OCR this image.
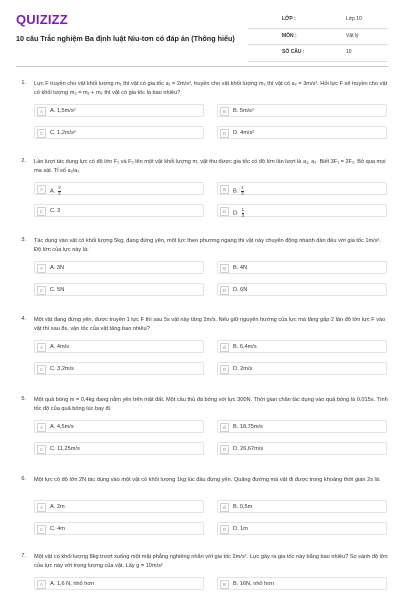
QUIZIZZ
10 câu Trắc nghiệm Ba định luật Niu-tơn có đáp án (Thông hiểu)
LỚP :	Lớp 10
MÔN :	Vật lý
SỐ CÂU :	10
1. Lực F truyền cho vật khối lượng m₁ thì vật có gia tốc a₁ = 2m/s², truyền cho vật khối lượng m₂ thì vật có a₂ = 3m/s². Hỏi lực F sẽ truyền cho vật có khối lượng m₃ = m₁ + m₂ thì vật có gia tốc là bao nhiêu?
A	A. 1,5m/s²	B	B. 5m/s²
C	C. 1,2m/s²	D	D. 4m/s²
2. Lần lượt tác dụng lực có độ lớn F₁ và F₂ lên một vật khối lượng m, vật thu được gia tốc có độ lớn lần lượt là a₁, a₂. Biết 3F₁ = 2F₂. Bỏ qua mọi ma sát. Tỉ số a₂/a₁
A	A. $\frac{3}{2}$	B	B. $\frac{2}{3}$
C	C. 3	D	D. $\frac{1}{3}$
3. Tác dụng vào vật có khối lượng 5kg, đang đứng yên, một lực theo phương ngang thì vật này chuyển động nhanh dần đều với gia tốc 1m/s². Độ lớn của lực này là:
A	A. 3N	B	B. 4N
C	C. 5N	D	D. 6N
4. Một vật đang đứng yên, được truyền 1 lực F thì sau 5s vật này tăng 2m/s. Nếu giữ nguyên hướng của lực mà tăng gấp 2 lần độ lớn lực F vào vật thì sau 8s, vận tốc của vật tăng bao nhiêu?
A	A. 4m/s	B	B. 6,4m/s
C	C. 3,2m/s	D	D. 2m/s
5. Một quả bóng m = 0,4kg đang nằm yên trên mặt đất. Một cầu thủ đá bóng với lực 300N. Thời gian chân tác dụng vào quả bóng là 0,015s. Tính tốc độ của quả bóng lúc bay đi.
A	A. 4,5m/s	B	B. 18,75m/s
C	C. 11,25m/s	D	D. 26,67m/s
6. Một lực có độ lớn 2N tác dụng vào một vật có khối lượng 1kg lúc đầu đứng yên. Quãng đường mà vật đi được trong khoảng thời gian 2s là:
A	A. 2m	B	B. 0,5m
C	C. 4m	D	D. 1m
7. Một vật có khối lượng 8kg trượt xuống một mặt phẳng nghiêng nhẵn với gia tốc 2m/s². Lực gây ra gia tốc này bằng bao nhiêu? So sánh độ lớn của lực này với trọng lượng của vật. Lấy g = 10m/s²
A	A. 1,6 N, nhỏ hơn	B	B. 16N, nhỏ hơn
